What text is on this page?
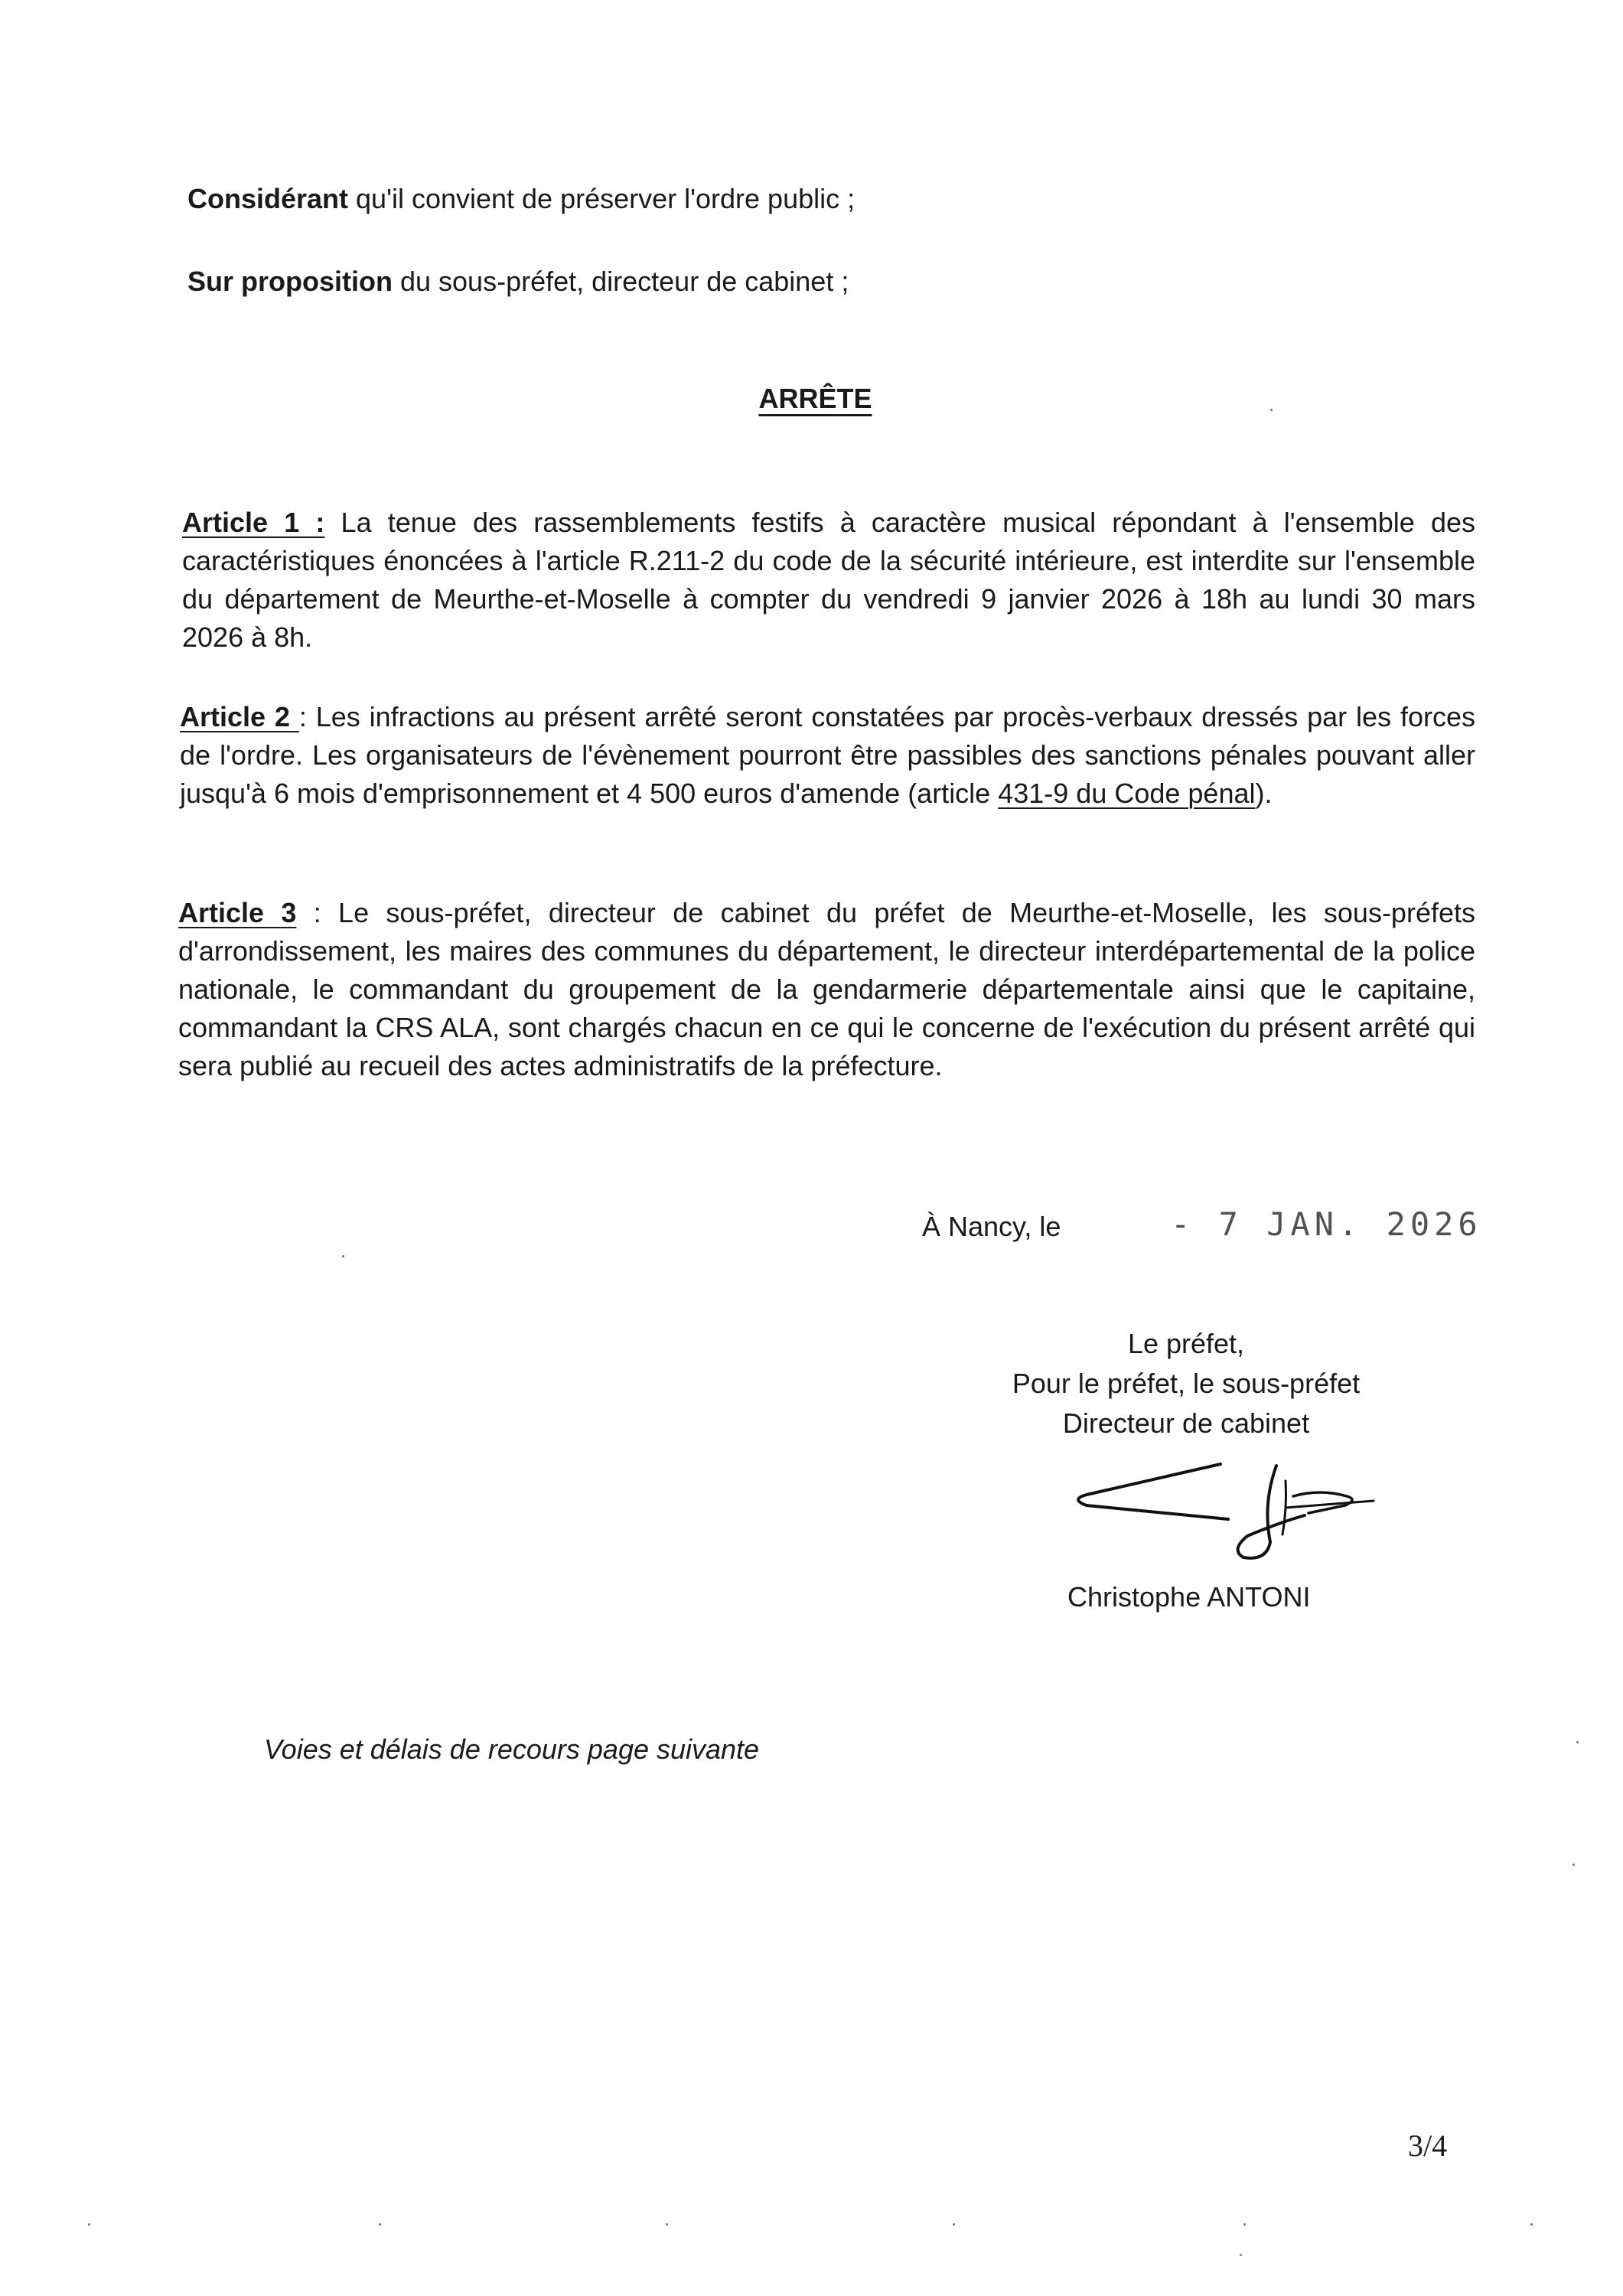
Considérant qu'il convient de préserver l'ordre public ;

Sur proposition du sous-préfet, directeur de cabinet ;

ARRÊTE

Article 1 : La tenue des rassemblements festifs à caractère musical répondant à l'ensemble des caractéristiques énoncées à l'article R.211-2 du code de la sécurité intérieure, est interdite sur l'ensemble du département de Meurthe-et-Moselle à compter du vendredi 9 janvier 2026 à 18h au lundi 30 mars 2026 à 8h.

Article 2 : Les infractions au présent arrêté seront constatées par procès-verbaux dressés par les forces de l'ordre. Les organisateurs de l'évènement pourront être passibles des sanctions pénales pouvant aller jusqu'à 6 mois d'emprisonnement et 4 500 euros d'amende (article 431-9 du Code pénal).

Article 3 : Le sous-préfet, directeur de cabinet du préfet de Meurthe-et-Moselle, les sous-préfets d'arrondissement, les maires des communes du département, le directeur interdépartemental de la police nationale, le commandant du groupement de la gendarmerie départementale ainsi que le capitaine, commandant la CRS ALA, sont chargés chacun en ce qui le concerne de l'exécution du présent arrêté qui sera publié au recueil des actes administratifs de la préfecture.

À Nancy, le	- 7 JAN. 2026
Le préfet,
Pour le préfet, le sous-préfet
Directeur de cabinet
Christophe ANTONI
Voies et délais de recours page suivante
3/4
